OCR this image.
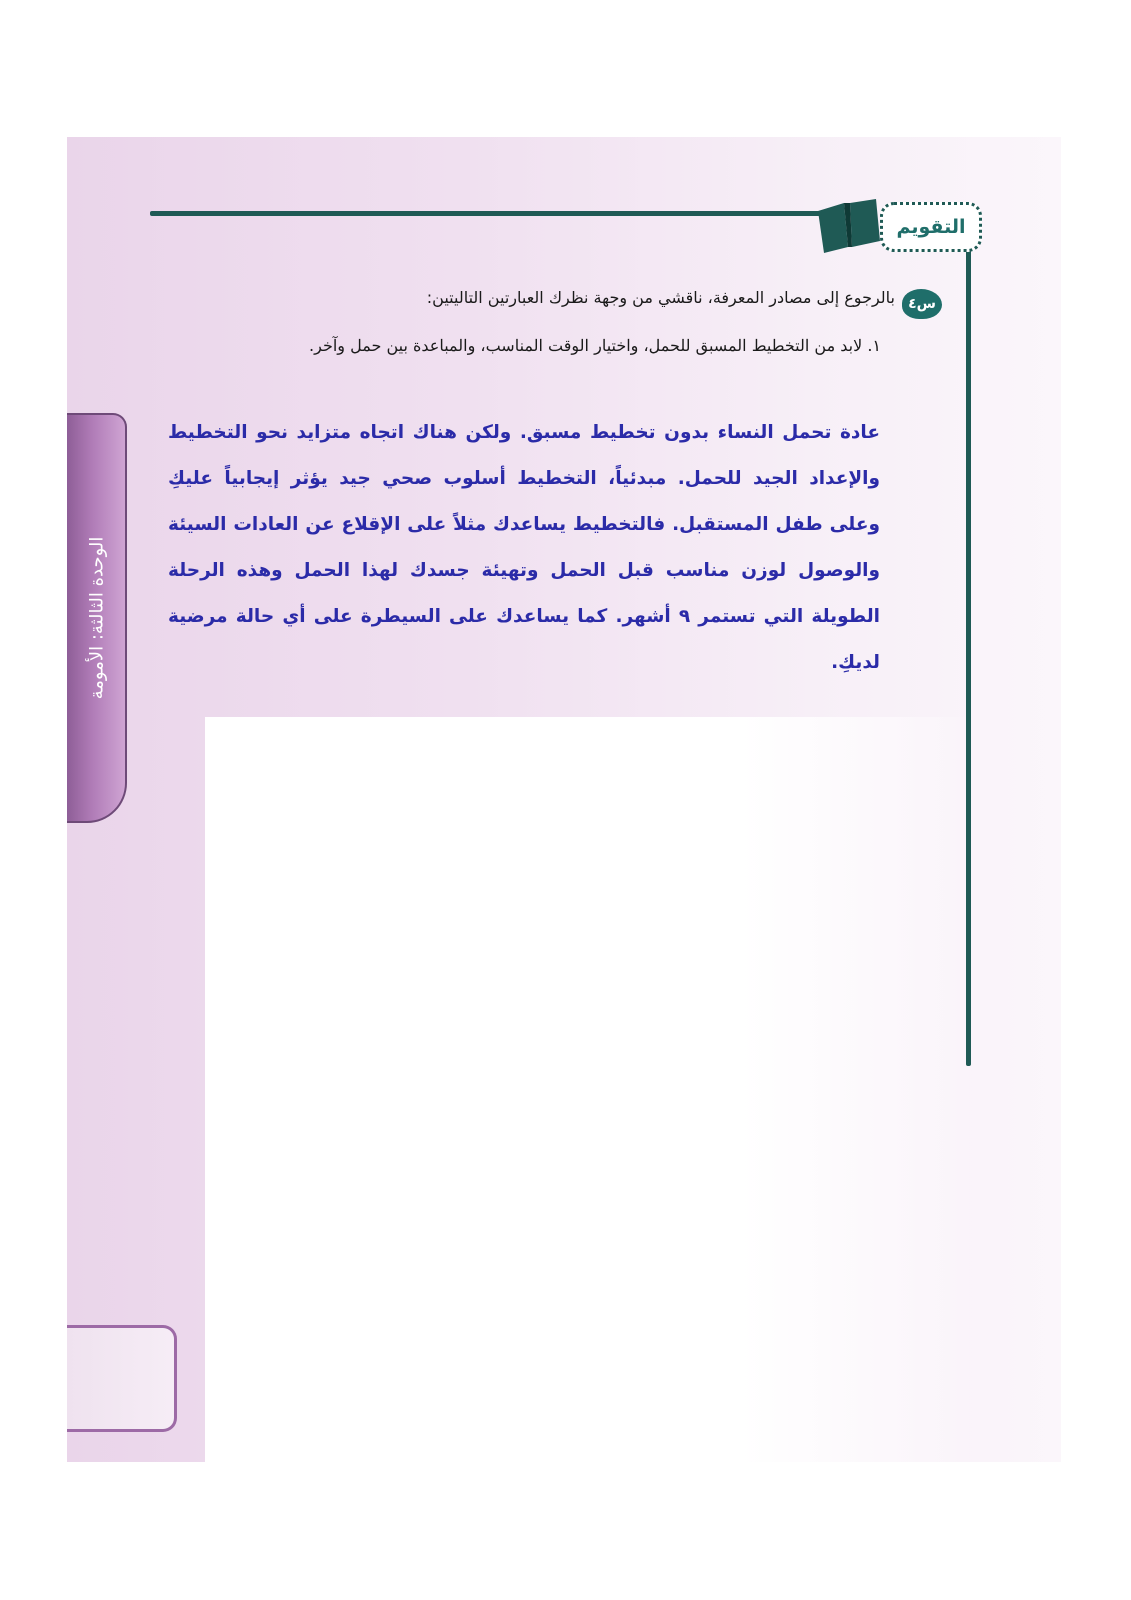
التقويم
س٤
بالرجوع إلى مصادر المعرفة، ناقشي من وجهة نظرك العبارتين التاليتين:
١. لابد من التخطيط المسبق للحمل، واختيار الوقت المناسب، والمباعدة بين حمل وآخر.
عادة تحمل النساء بدون تخطيط مسبق. ولكن هناك اتجاه متزايد نحو التخطيط والإعداد الجيد للحمل. مبدئياً، التخطيط أسلوب صحي جيد يؤثر إيجابياً عليكِ وعلى طفل المستقبل. فالتخطيط يساعدك مثلاً على الإقلاع عن العادات السيئة والوصول لوزن مناسب قبل الحمل وتهيئة جسدك لهذا الحمل وهذه الرحلة الطويلة التي تستمر ٩ أشهر. كما يساعدك على السيطرة على أي حالة مرضية لديكِ.
الوحدة الثالثة: الأمومة
